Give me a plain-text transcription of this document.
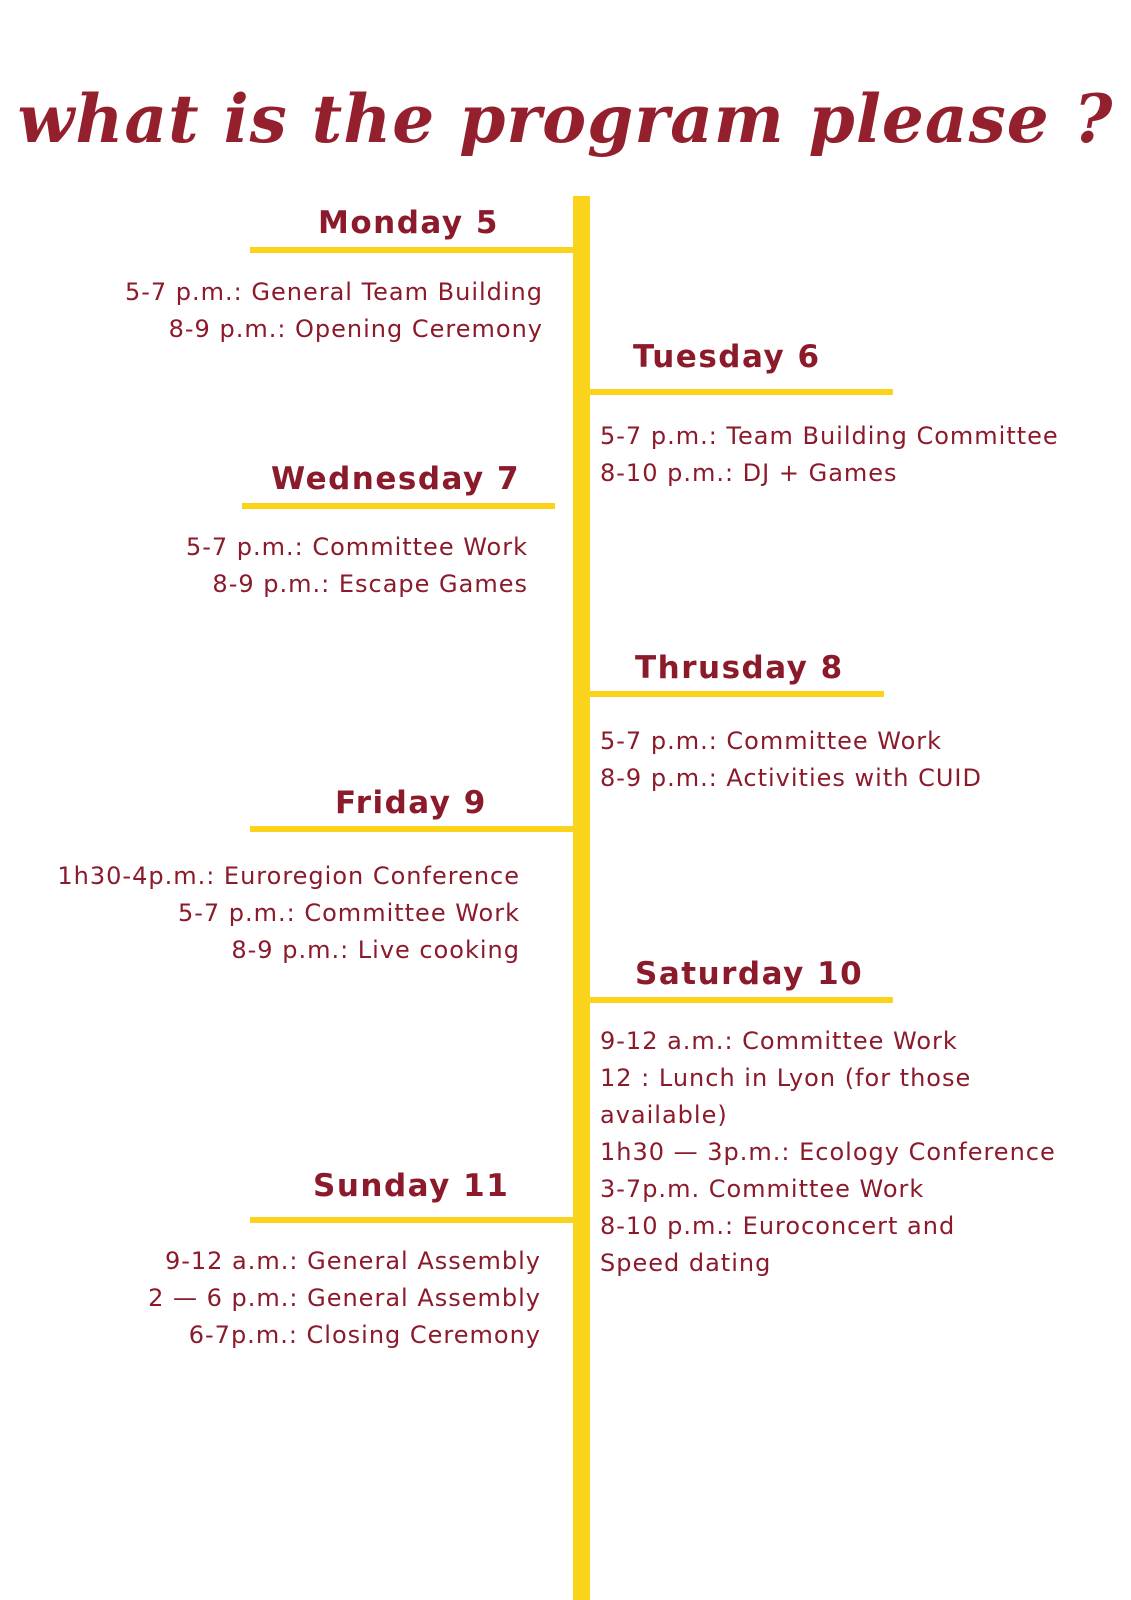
what is the program please ?
Monday 5
5-7 p.m.: General Team Building
8-9 p.m.: Opening Ceremony
Tuesday 6
5-7 p.m.: Team Building Committee
8-10 p.m.: DJ + Games
Wednesday 7
5-7 p.m.: Committee Work
8-9 p.m.: Escape Games
Thrusday 8
5-7 p.m.: Committee Work
8-9 p.m.: Activities with CUID
Friday 9
1h30-4p.m.: Euroregion Conference
5-7 p.m.: Committee Work
8-9 p.m.: Live cooking
Saturday 10
9-12 a.m.: Committee Work
12 : Lunch in Lyon (for those
available)
1h30 — 3p.m.: Ecology Conference
3-7p.m. Committee Work
8-10 p.m.: Euroconcert and
Speed dating
Sunday 11
9-12 a.m.: General Assembly
2 — 6 p.m.: General Assembly
6-7p.m.: Closing Ceremony
